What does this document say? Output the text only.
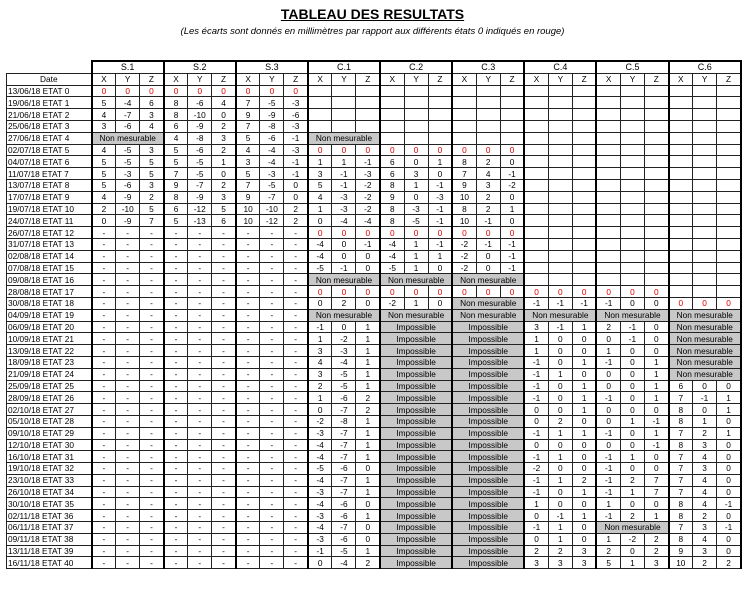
TABLEAU DES RESULTATS
(Les écarts sont donnés en millimètres par rapport aux différents états 0 indiqués en rouge)
	S.1			S.2			S.3			C.1			C.2			C.3			C.4			C.5			C.6		
Date	X	Y	Z	X	Y	Z	X	Y	Z	X	Y	Z	X	Y	Z	X	Y	Z	X	Y	Z	X	Y	Z	X	Y	Z
13/06/18 ETAT 0	0	0	0	0	0	0	0	0	0																		
19/06/18 ETAT 1	5	-4	6	8	-6	4	7	-5	-3																		
21/06/18 ETAT 2	4	-7	3	8	-10	0	9	-9	-6																		
25/06/18 ETAT 3	3	-6	4	6	-9	2	7	-8	-3																		
27/06/18 ETAT 4	Non mesurable			4	-8	3	5	-6	-1	Non mesurable																	
02/07/18 ETAT 5	4	-5	3	5	-6	2	4	-4	-3	0	0	0	0	0	0	0	0	0									
04/07/18 ETAT 6	5	-5	5	5	-5	1	3	-4	-1	1	1	-1	6	0	1	8	2	0									
11/07/18 ETAT 7	5	-3	5	7	-5	0	5	-3	-1	3	-1	-3	6	3	0	7	4	-1									
13/07/18 ETAT 8	5	-6	3	9	-7	2	7	-5	0	5	-1	-2	8	1	-1	9	3	-2									
17/07/18 ETAT 9	4	-9	2	8	-9	3	9	-7	0	4	-3	-2	9	0	-3	10	2	0									
19/07/18 ETAT 10	2	-10	5	6	-12	5	10	-10	2	1	-3	-2	8	-3	-1	8	2	1									
24/07/18 ETAT 11	0	-9	7	5	-13	6	10	-12	2	0	-4	-4	8	-5	-1	10	-1	0									
26/07/18 ETAT 12	-	-	-	-	-	-	-	-	-	0	0	0	0	0	0	0	0	0									
31/07/18 ETAT 13	-	-	-	-	-	-	-	-	-	-4	0	-1	-4	1	-1	-2	-1	-1									
02/08/18 ETAT 14	-	-	-	-	-	-	-	-	-	-4	0	0	-4	1	1	-2	0	-1									
07/08/18 ETAT 15	-	-	-	-	-	-	-	-	-	-5	-1	0	-5	1	0	-2	0	-1									
09/08/18 ETAT 16	-	-	-	-	-	-	-	-	-	Non mesurable			Non mesurable			Non mesurable											
28/08/18 ETAT 17	-	-	-	-	-	-	-	-	-	0	0	0	0	0	0	0	0	0	0	0	0	0	0	0			
30/08/18 ETAT 18	-	-	-	-	-	-	-	-	-	0	2	0	-2	1	0	Non mesurable			-1	-1	-1	-1	0	0	0	0	0
04/09/18 ETAT 19	-	-	-	-	-	-	-	-	-	Non mesurable			Non mesurable			Non mesurable			Non mesurable			Non mesurable			Non mesurable		
06/09/18 ETAT 20	-	-	-	-	-	-	-	-	-	-1	0	1	Impossible			Impossible			3	-1	1	2	-1	0	Non mesurable		
10/09/18 ETAT 21	-	-	-	-	-	-	-	-	-	1	-2	1	Impossible			Impossible			1	0	0	0	-1	0	Non mesurable		
13/09/18 ETAT 22	-	-	-	-	-	-	-	-	-	3	-3	1	Impossible			Impossible			1	0	0	1	0	0	Non mesurable		
18/09/18 ETAT 23	-	-	-	-	-	-	-	-	-	4	-4	1	Impossible			Impossible			-1	0	1	-1	0	1	Non mesurable		
21/09/18 ETAT 24	-	-	-	-	-	-	-	-	-	3	-5	1	Impossible			Impossible			-1	1	0	0	0	1	Non mesurable		
25/09/18 ETAT 25	-	-	-	-	-	-	-	-	-	2	-5	1	Impossible			Impossible			-1	0	1	0	0	1	6	0	0
28/09/18 ETAT 26	-	-	-	-	-	-	-	-	-	1	-6	2	Impossible			Impossible			-1	0	1	-1	0	1	7	-1	1
02/10/18 ETAT 27	-	-	-	-	-	-	-	-	-	0	-7	2	Impossible			Impossible			0	0	1	0	0	0	8	0	1
05/10/18 ETAT 28	-	-	-	-	-	-	-	-	-	-2	-8	1	Impossible			Impossible			0	2	0	0	1	-1	8	1	0
09/10/18 ETAT 29	-	-	-	-	-	-	-	-	-	-3	-7	1	Impossible			Impossible			-1	1	1	-1	0	1	7	2	1
12/10/18 ETAT 30	-	-	-	-	-	-	-	-	-	-4	-7	1	Impossible			Impossible			0	0	0	0	0	-1	8	3	0
16/10/18 ETAT 31	-	-	-	-	-	-	-	-	-	-4	-7	1	Impossible			Impossible			-1	1	0	-1	1	0	7	4	0
19/10/18 ETAT 32	-	-	-	-	-	-	-	-	-	-5	-6	0	Impossible			Impossible			-2	0	0	-1	0	0	7	3	0
23/10/18 ETAT 33	-	-	-	-	-	-	-	-	-	-4	-7	1	Impossible			Impossible			-1	1	2	-1	2	7	7	4	0
26/10/18 ETAT 34	-	-	-	-	-	-	-	-	-	-3	-7	1	Impossible			Impossible			-1	0	1	-1	1	7	7	4	0
30/10/18 ETAT 35	-	-	-	-	-	-	-	-	-	-4	-6	0	Impossible			Impossible			1	0	0	1	0	0	8	4	-1
02/11/18 ETAT 36	-	-	-	-	-	-	-	-	-	-3	-6	1	Impossible			Impossible			0	-1	1	-1	2	1	8	2	0
06/11/18 ETAT 37	-	-	-	-	-	-	-	-	-	-4	-7	0	Impossible			Impossible			-1	1	0	Non mesurable			7	3	-1
09/11/18 ETAT 38	-	-	-	-	-	-	-	-	-	-3	-6	0	Impossible			Impossible			0	1	0	1	-2	2	8	4	0
13/11/18 ETAT 39	-	-	-	-	-	-	-	-	-	-1	-5	1	Impossible			Impossible			2	2	3	2	0	2	9	3	0
16/11/18 ETAT 40	-	-	-	-	-	-	-	-	-	0	-4	2	Impossible			Impossible			3	3	3	5	1	3	10	2	2
